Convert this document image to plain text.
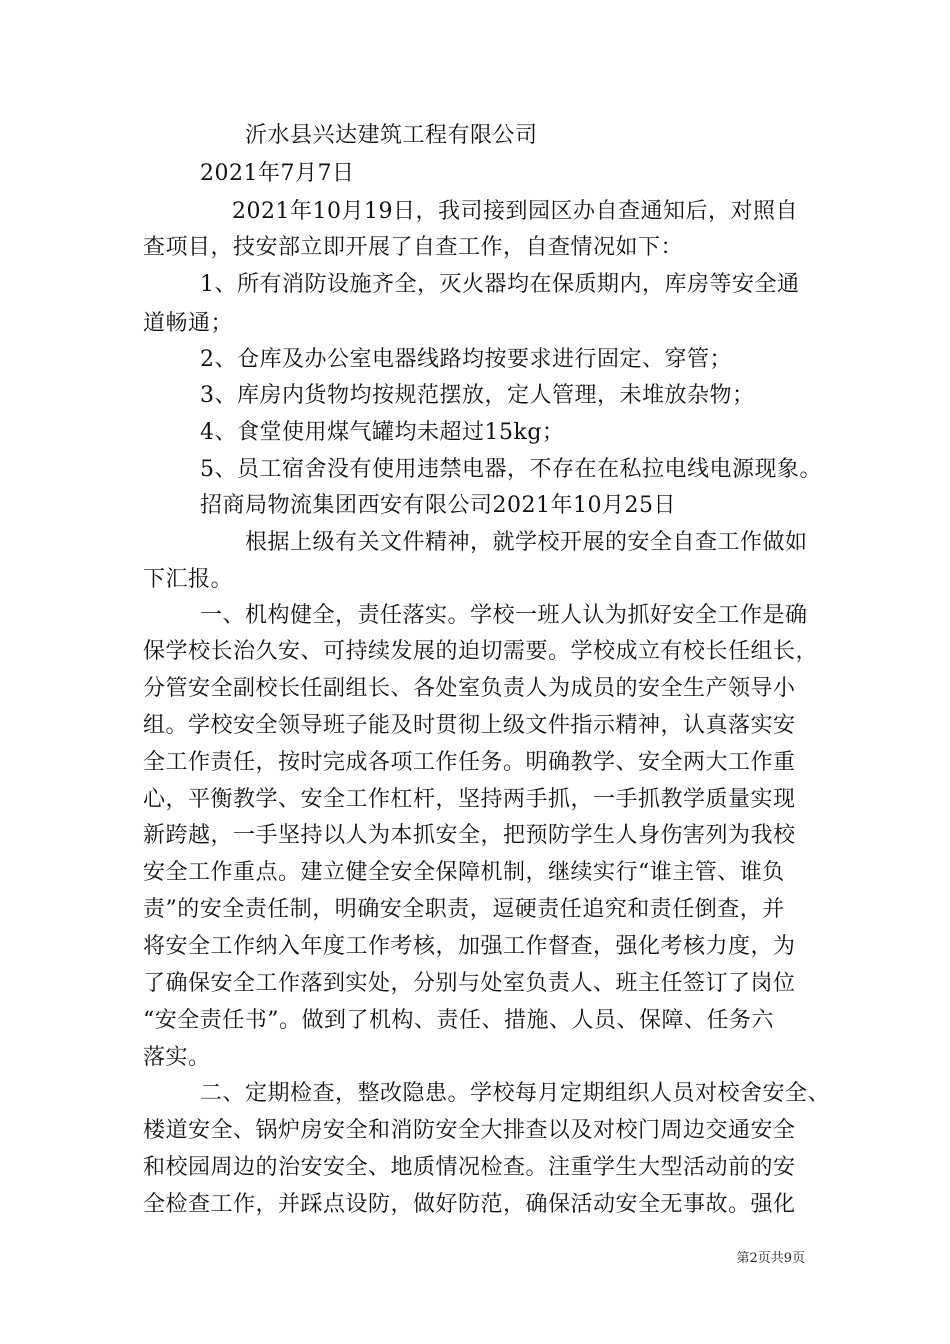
沂水县兴达建筑工程有限公司
2021年7月7日
2021年10月19日，我司接到园区办自查通知后，对照自
查项目，技安部立即开展了自查工作，自查情况如下：
1、所有消防设施齐全，灭火器均在保质期内，库房等安全通
道畅通；
2、仓库及办公室电器线路均按要求进行固定、穿管；
3、库房内货物均按规范摆放，定人管理，未堆放杂物；
4、食堂使用煤气罐均未超过15kg；
5、员工宿舍没有使用违禁电器，不存在在私拉电线电源现象。
招商局物流集团西安有限公司2021年10月25日
根据上级有关文件精神，就学校开展的安全自查工作做如
下汇报。
一、机构健全，责任落实。学校一班人认为抓好安全工作是确
保学校长治久安、可持续发展的迫切需要。学校成立有校长任组长，
分管安全副校长任副组长、各处室负责人为成员的安全生产领导小
组。学校安全领导班子能及时贯彻上级文件指示精神，认真落实安
全工作责任，按时完成各项工作任务。明确教学、安全两大工作重
心，平衡教学、安全工作杠杆，坚持两手抓，一手抓教学质量实现
新跨越，一手坚持以人为本抓安全，把预防学生人身伤害列为我校
安全工作重点。建立健全安全保障机制，继续实行“谁主管、谁负
责”的安全责任制，明确安全职责，逗硬责任追究和责任倒查，并
将安全工作纳入年度工作考核，加强工作督查，强化考核力度，为
了确保安全工作落到实处，分别与处室负责人、班主任签订了岗位
“安全责任书”。做到了机构、责任、措施、人员、保障、任务六
落实。
二、定期检查，整改隐患。学校每月定期组织人员对校舍安全、
楼道安全、锅炉房安全和消防安全大排查以及对校门周边交通安全
和校园周边的治安安全、地质情况检查。注重学生大型活动前的安
全检查工作，并踩点设防，做好防范，确保活动安全无事故。强化
第2页共9页
